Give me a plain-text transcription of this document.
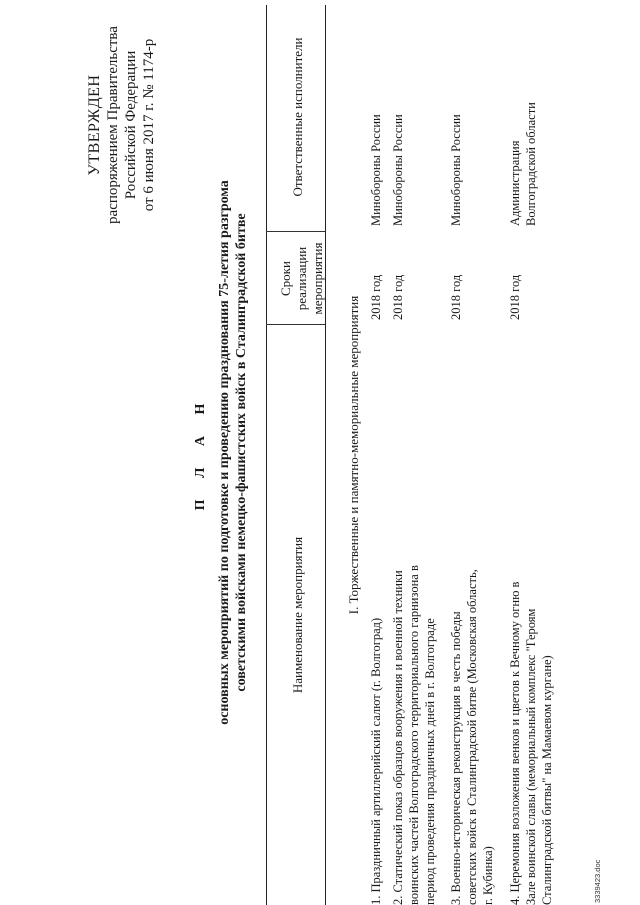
УТВЕРЖДЕН распоряжением Правительства Российской Федерации от 6 июня 2017 г. № 1174-р
П Л А Н основных мероприятий по подготовке и проведению празднования 75-летия разгрома советскими войсками немецко-фашистских войск в Сталинградской битве	Наименование мероприятия
Сроки реализации мероприятия
Ответственные исполнители
I. Торжественные и памятно-мемориальные мероприятия
1. Праздничный артиллерийский салют (г. Волгоград)
2018 год
Минобороны России
2. Статический показ образцов вооружения и военной техники воинских частей Волгоградского территориального гарнизона в период проведения праздничных дней в г. Волгограде
2018 год
Минобороны России
3. Военно-историческая реконструкция в честь победы советских войск в Сталинградской битве (Московская область, г. Кубинка)
2018 год
Минобороны России
4. Церемония возложения венков и цветов к Вечному огню в Зале воинской славы (мемориальный комплекс "Героям Сталинградской битвы" на Мамаевом кургане)
2018 год
Администрация Волгоградской области
3339423.doc
